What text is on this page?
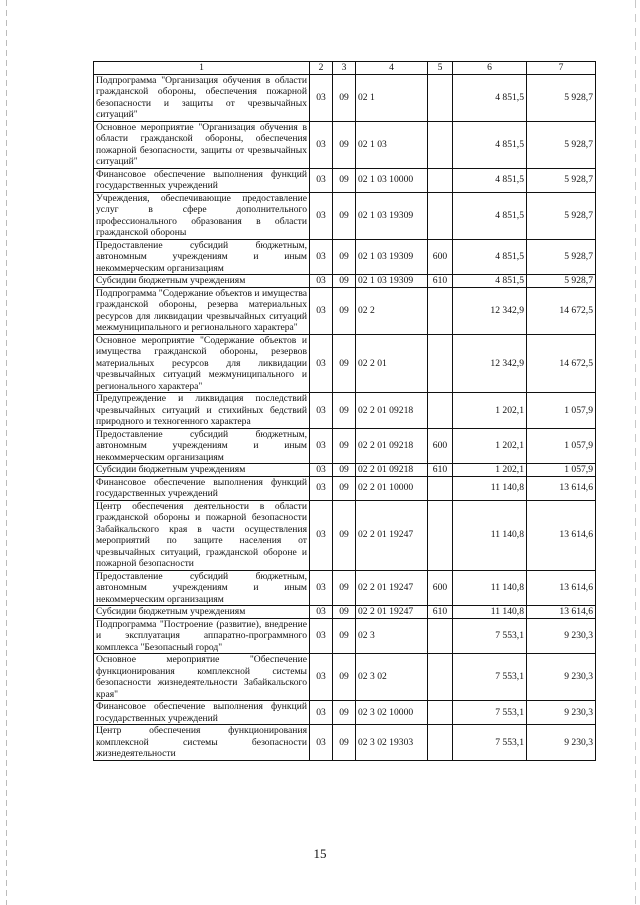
1	2	3	4	5	6	7
Подпрограмма "Организация обучения в области гражданской обороны, обеспечения пожарной безопасности и защиты от чрезвычайных ситуаций"	03	09	02 1		4 851,5	5 928,7
Основное мероприятие "Организация обучения в области гражданской обороны, обеспечения пожарной безопасности, защиты от чрезвычайных ситуаций"	03	09	02 1 03		4 851,5	5 928,7
Финансовое обеспечение выполнения функций государственных учреждений	03	09	02 1 03 10000		4 851,5	5 928,7
Учреждения, обеспечивающие предоставление услуг в сфере дополнительного профессионального образования в области гражданской обороны	03	09	02 1 03 19309		4 851,5	5 928,7
Предоставление субсидий бюджетным, автономным учреждениям и иным некоммерческим организациям	03	09	02 1 03 19309	600	4 851,5	5 928,7
Субсидии бюджетным учреждениям	03	09	02 1 03 19309	610	4 851,5	5 928,7
Подпрограмма "Содержание объектов и имущества гражданской обороны, резерва материальных ресурсов для ликвидации чрезвычайных ситуаций межмуниципального и регионального характера"	03	09	02 2		12 342,9	14 672,5
Основное мероприятие "Содержание объектов и имущества гражданской обороны, резервов материальных ресурсов для ликвидации чрезвычайных ситуаций межмуниципального и регионального характера"	03	09	02 2 01		12 342,9	14 672,5
Предупреждение и ликвидация последствий чрезвычайных ситуаций и стихийных бедствий природного и техногенного характера	03	09	02 2 01 09218		1 202,1	1 057,9
Предоставление субсидий бюджетным, автономным учреждениям и иным некоммерческим организациям	03	09	02 2 01 09218	600	1 202,1	1 057,9
Субсидии бюджетным учреждениям	03	09	02 2 01 09218	610	1 202,1	1 057,9
Финансовое обеспечение выполнения функций государственных учреждений	03	09	02 2 01 10000		11 140,8	13 614,6
Центр обеспечения деятельности в области гражданской обороны и пожарной безопасности Забайкальского края в части осуществления мероприятий по защите населения от чрезвычайных ситуаций, гражданской обороне и пожарной безопасности	03	09	02 2 01 19247		11 140,8	13 614,6
Предоставление субсидий бюджетным, автономным учреждениям и иным некоммерческим организациям	03	09	02 2 01 19247	600	11 140,8	13 614,6
Субсидии бюджетным учреждениям	03	09	02 2 01 19247	610	11 140,8	13 614,6
Подпрограмма "Построение (развитие), внедрение и эксплуатация аппаратно-программного комплекса "Безопасный город"	03	09	02 3		7 553,1	9 230,3
Основное мероприятие "Обеспечение функционирования комплексной системы безопасности жизнедеятельности Забайкальского края"	03	09	02 3 02		7 553,1	9 230,3
Финансовое обеспечение выполнения функций государственных учреждений	03	09	02 3 02 10000		7 553,1	9 230,3
Центр обеспечения функционирования комплексной системы безопасности жизнедеятельности	03	09	02 3 02 19303		7 553,1	9 230,3
15
